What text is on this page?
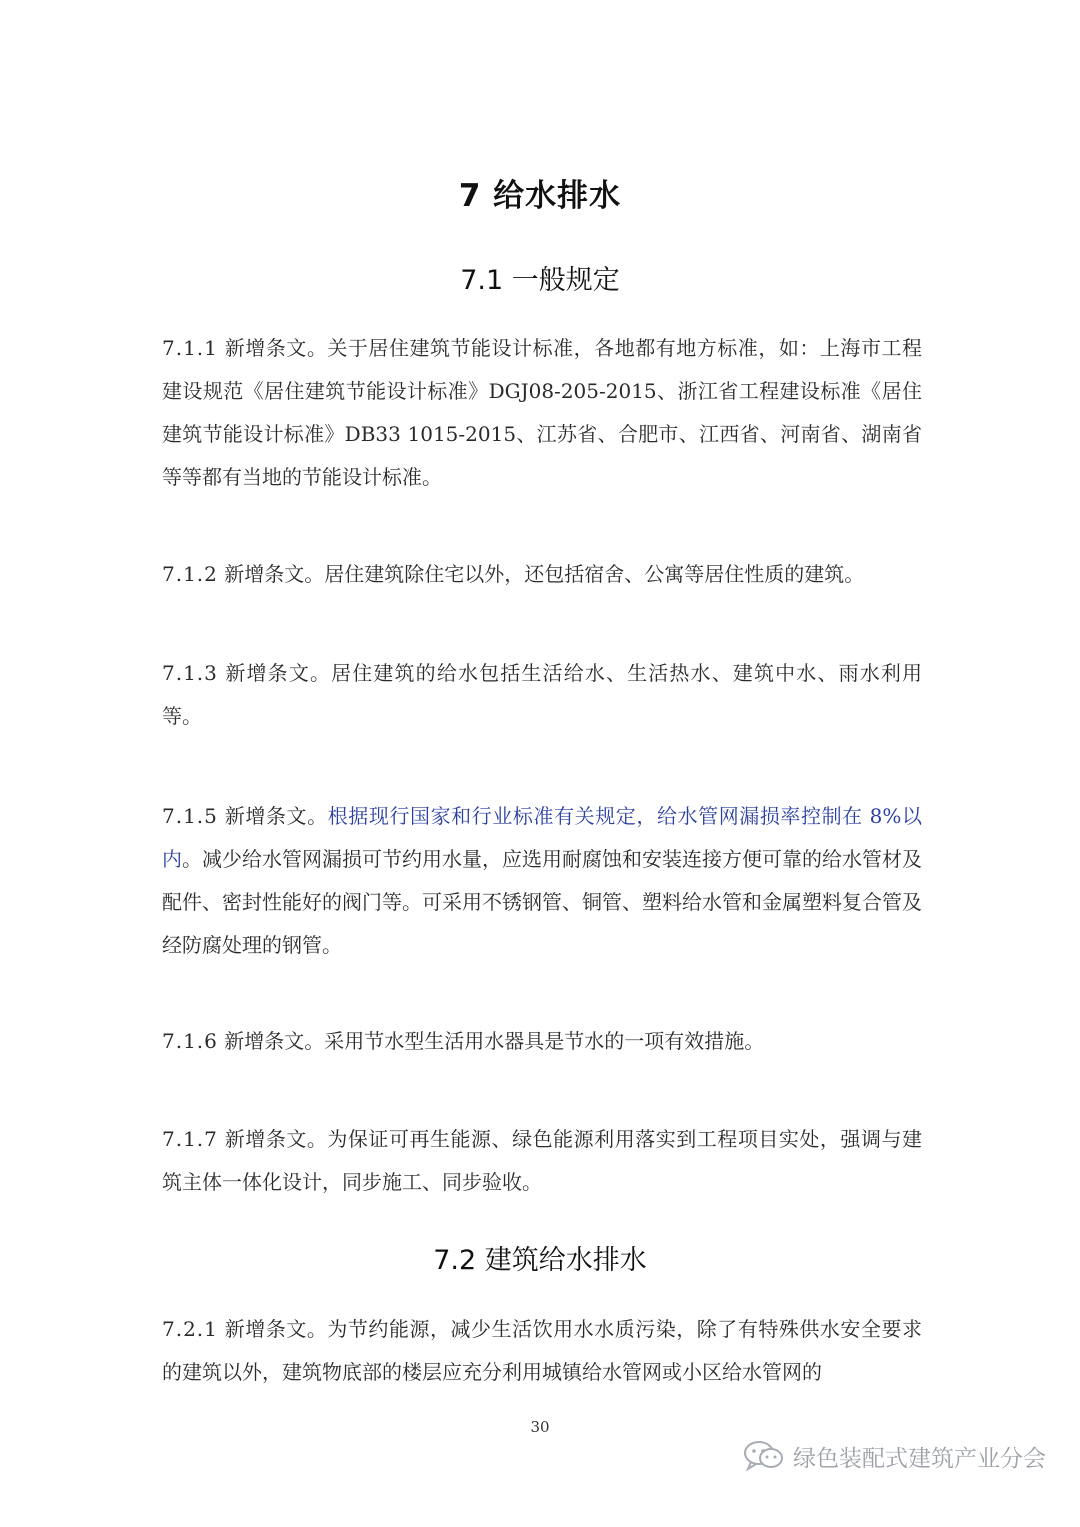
7 给水排水
7.1 一般规定
7.1.1 新增条文。关于居住建筑节能设计标准，各地都有地方标准，如：上海市工程建设规范《居住建筑节能设计标准》DGJ08-205-2015、浙江省工程建设标准《居住建筑节能设计标准》DB33 1015-2015、江苏省、合肥市、江西省、河南省、湖南省等等都有当地的节能设计标准。
7.1.2 新增条文。居住建筑除住宅以外，还包括宿舍、公寓等居住性质的建筑。
7.1.3 新增条文。居住建筑的给水包括生活给水、生活热水、建筑中水、雨水利用等。
7.1.5 新增条文。根据现行国家和行业标准有关规定，给水管网漏损率控制在 8%以内。减少给水管网漏损可节约用水量，应选用耐腐蚀和安装连接方便可靠的给水管材及配件、密封性能好的阀门等。可采用不锈钢管、铜管、塑料给水管和金属塑料复合管及经防腐处理的钢管。
7.1.6 新增条文。采用节水型生活用水器具是节水的一项有效措施。
7.1.7 新增条文。为保证可再生能源、绿色能源利用落实到工程项目实处，强调与建筑主体一体化设计，同步施工、同步验收。
7.2 建筑给水排水
7.2.1 新增条文。为节约能源，减少生活饮用水水质污染，除了有特殊供水安全要求的建筑以外，建筑物底部的楼层应充分利用城镇给水管网或小区给水管网的
30
绿色装配式建筑产业分会
